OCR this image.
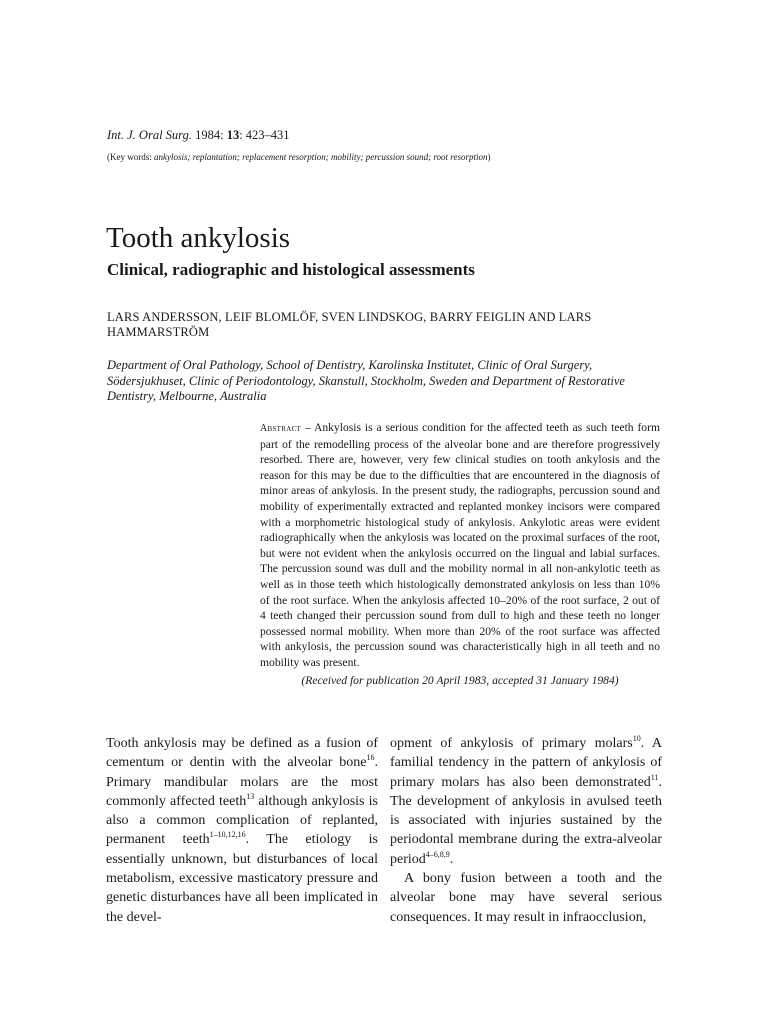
Int. J. Oral Surg. 1984: 13: 423–431
(Key words: ankylosis; replantation; replacement resorption; mobility; percussion sound; root resorption)
Tooth ankylosis
Clinical, radiographic and histological assessments
LARS ANDERSSON, LEIF BLOMLÖF, SVEN LINDSKOG, BARRY FEIGLIN AND LARS HAMMARSTRÖM
Department of Oral Pathology, School of Dentistry, Karolinska Institutet, Clinic of Oral Surgery, Södersjukhuset, Clinic of Periodontology, Skanstull, Stockholm, Sweden and Department of Restorative Dentistry, Melbourne, Australia
Abstract – Ankylosis is a serious condition for the affected teeth as such teeth form part of the remodelling process of the alveolar bone and are therefore progressively resorbed. There are, however, very few clinical studies on tooth ankylosis and the reason for this may be due to the difficulties that are encountered in the diagnosis of minor areas of ankylosis. In the present study, the radiographs, percussion sound and mobility of experimentally extracted and replanted monkey incisors were compared with a morphometric histological study of ankylosis. Ankylotic areas were evident radiographically when the ankylosis was located on the proximal surfaces of the root, but were not evident when the ankylosis occurred on the lingual and labial surfaces. The percussion sound was dull and the mobility normal in all non-ankylotic teeth as well as in those teeth which histologically demonstrated ankylosis on less than 10% of the root surface. When the ankylosis affected 10–20% of the root surface, 2 out of 4 teeth changed their percussion sound from dull to high and these teeth no longer possessed normal mobility. When more than 20% of the root surface was affected with ankylosis, the percussion sound was characteristically high in all teeth and no mobility was present.
(Received for publication 20 April 1983, accepted 31 January 1984)

Tooth ankylosis may be defined as a fusion of cementum or dentin with the alveolar bone$^{16}$. Primary mandibular molars are the most commonly affected teeth$^{13}$ although ankylosis is also a common complication of replanted, permanent teeth$^{1-10,12,16}$. The etiology is essentially unknown, but disturbances of local metabolism, excessive masticatory pressure and genetic disturbances have all been implicated in the devel-

opment of ankylosis of primary molars$^{10}$. A familial tendency in the pattern of ankylosis of primary molars has also been demonstrated$^{11}$. The development of ankylosis in avulsed teeth is associated with injuries sustained by the periodontal membrane during the extra-alveolar period$^{4-6,8,9}$.

A bony fusion between a tooth and the alveolar bone may have several serious consequences. It may result in infraocclusion,
